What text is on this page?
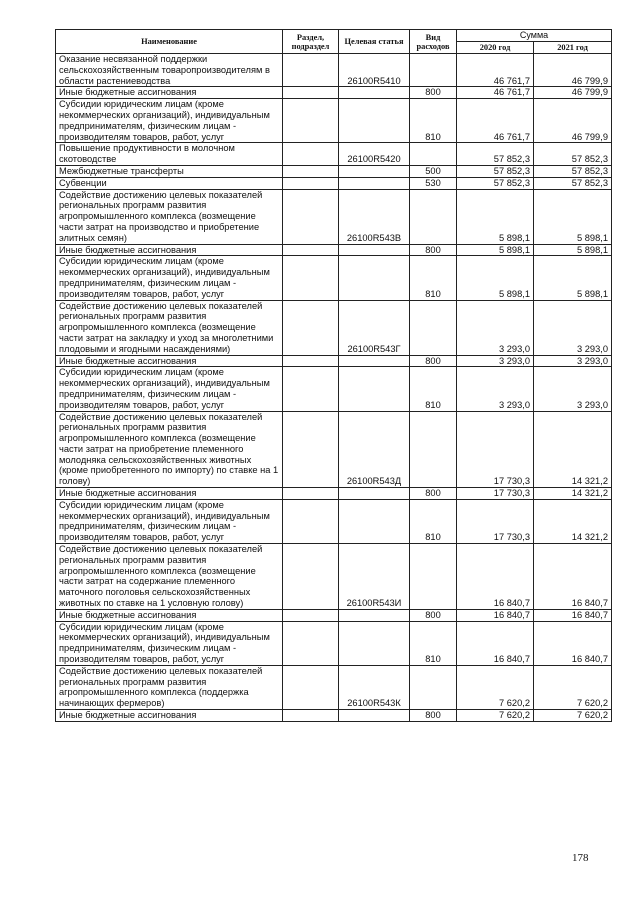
Наименование	Раздел, подраздел	Целевая статья	Вид расходов	Сумма	
				2020 год	2021 год
Оказание несвязанной поддержки сельскохозяйственным товаропроизводителям в области растениеводства		26100R5410		46 761,7	46 799,9
Иные бюджетные ассигнования			800	46 761,7	46 799,9
Субсидии юридическим лицам (кроме некоммерческих организаций), индивидуальным предпринимателям, физическим лицам - производителям товаров, работ, услуг			810	46 761,7	46 799,9
Повышение продуктивности в молочном скотоводстве		26100R5420		57 852,3	57 852,3
Межбюджетные трансферты			500	57 852,3	57 852,3
Субвенции			530	57 852,3	57 852,3
Содействие достижению целевых показателей региональных программ развития агропромышленного комплекса (возмещение части затрат на производство и приобретение элитных семян)		26100R543В		5 898,1	5 898,1
Иные бюджетные ассигнования			800	5 898,1	5 898,1
Субсидии юридическим лицам (кроме некоммерческих организаций), индивидуальным предпринимателям, физическим лицам - производителям товаров, работ, услуг			810	5 898,1	5 898,1
Содействие достижению целевых показателей региональных программ развития агропромышленного комплекса (возмещение части затрат на закладку и уход за многолетними плодовыми и ягодными насаждениями)		26100R543Г		3 293,0	3 293,0
Иные бюджетные ассигнования			800	3 293,0	3 293,0
Субсидии юридическим лицам (кроме некоммерческих организаций), индивидуальным предпринимателям, физическим лицам - производителям товаров, работ, услуг			810	3 293,0	3 293,0
Содействие достижению целевых показателей региональных программ развития агропромышленного комплекса (возмещение части затрат на приобретение племенного молодняка сельскохозяйственных животных (кроме приобретенного по импорту) по ставке на 1 голову)		26100R543Д		17 730,3	14 321,2
Иные бюджетные ассигнования			800	17 730,3	14 321,2
Субсидии юридическим лицам (кроме некоммерческих организаций), индивидуальным предпринимателям, физическим лицам - производителям товаров, работ, услуг			810	17 730,3	14 321,2
Содействие достижению целевых показателей региональных программ развития агропромышленного комплекса (возмещение части затрат на содержание племенного маточного поголовья сельскохозяйственных животных по ставке на 1 условную голову)		26100R543И		16 840,7	16 840,7
Иные бюджетные ассигнования			800	16 840,7	16 840,7
Субсидии юридическим лицам (кроме некоммерческих организаций), индивидуальным предпринимателям, физическим лицам - производителям товаров, работ, услуг			810	16 840,7	16 840,7
Содействие достижению целевых показателей региональных программ развития агропромышленного комплекса (поддержка начинающих фермеров)		26100R543К		7 620,2	7 620,2
Иные бюджетные ассигнования			800	7 620,2	7 620,2
178
